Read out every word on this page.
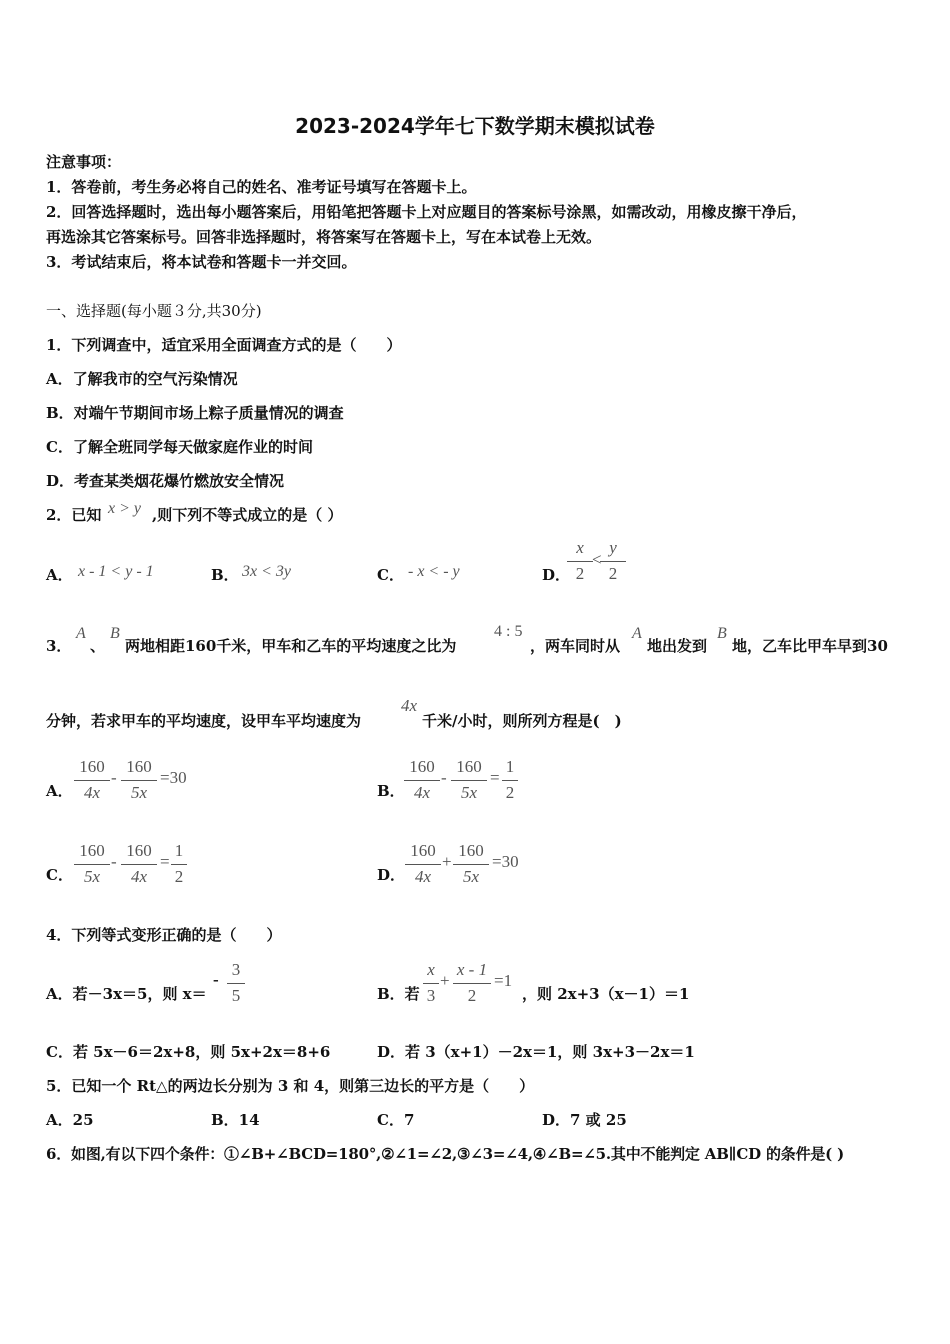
2023-2024学年七下数学期末模拟试卷
注意事项：
1．答卷前，考生务必将自己的姓名、准考证号填写在答题卡上。
2．回答选择题时，选出每小题答案后，用铅笔把答题卡上对应题目的答案标号涂黑，如需改动，用橡皮擦干净后，
再选涂其它答案标号。回答非选择题时，将答案写在答题卡上，写在本试卷上无效。
3．考试结束后，将本试卷和答题卡一并交回。
一、选择题(每小题３分,共30分)
1．下列调查中，适宜采用全面调查方式的是（　　）
A．了解我市的空气污染情况
B．对端午节期间市场上粽子质量情况的调查
C．了解全班同学每天做家庭作业的时间
D．考查某类烟花爆竹燃放安全情况
2．已知 x > y ,则下列不等式成立的是（ ）
A． x - 1 < y - 1	B． 3x < 3y	C． - x < - y	D．
x
2
<
y
2
3．
A
、
B
两地相距160千米，甲车和乙车的平均速度之比为
4 : 5
，两车同时从
A
地出发到
B
地，乙车比甲车早到30
分钟，若求甲车的平均速度，设甲车平均速度为
4x
千米/小时，则所列方程是(　)
A．
160
4x
-
160
5x
=30
B．
160
4x
-
160
5x
=
1
2
C．
160
5x
-
160
4x
=
1
2	D．
160
4x
+
160
5x
=30
4．下列等式变形正确的是（　　）
A．若－3x＝5，则 x＝
-
3
5	B．若
x
3
+
x - 1
2
=1
，则 2x+3（x－1）＝1
C．若 5x－6＝2x+8，则 5x+2x＝8+6	D．若 3（x+1）－2x＝1，则 3x+3－2x＝1
5．已知一个 Rt△的两边长分别为 3 和 4，则第三边长的平方是（　　）
A．25	B．14	C．7	D．7 或 25
6．如图,有以下四个条件：①∠B+∠BCD=180°,②∠1=∠2,③∠3=∠4,④∠B=∠5.其中不能判定 AB∥CD 的条件是( )
